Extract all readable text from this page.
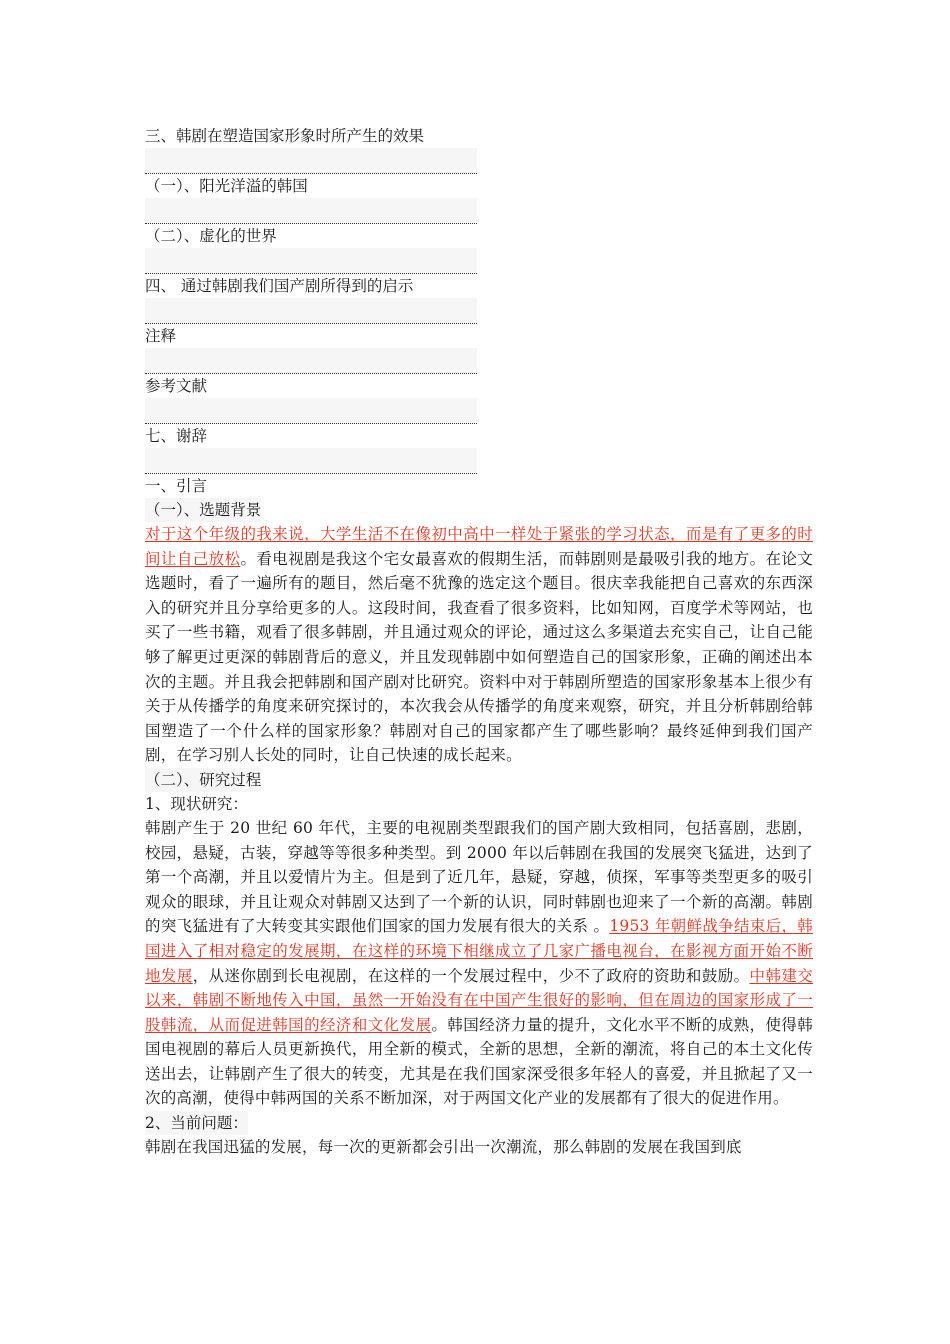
三、韩剧在塑造国家形象时所产生的效果
（一）、阳光洋溢的韩国
（二）、虚化的世界
四、 通过韩剧我们国产剧所得到的启示
注释
参考文献
七、谢辞
一、引言
（一）、选题背景

对于这个年级的我来说，大学生活不在像初中高中一样处于紧张的学习状态，而是有了更多的时间让自己放松。看电视剧是我这个宅女最喜欢的假期生活，而韩剧则是最吸引我的地方。在论文选题时，看了一遍所有的题目，然后毫不犹豫的选定这个题目。很庆幸我能把自己喜欢的东西深入的研究并且分享给更多的人。这段时间，我查看了很多资料，比如知网，百度学术等网站，也买了一些书籍，观看了很多韩剧，并且通过观众的评论，通过这么多渠道去充实自己，让自己能够了解更过更深的韩剧背后的意义，并且发现韩剧中如何塑造自己的国家形象，正确的阐述出本次的主题。并且我会把韩剧和国产剧对比研究。资料中对于韩剧所塑造的国家形象基本上很少有关于从传播学的角度来研究探讨的，本次我会从传播学的角度来观察，研究，并且分析韩剧给韩国塑造了一个什么样的国家形象？韩剧对自己的国家都产生了哪些影响？最终延伸到我们国产剧，在学习别人长处的同时，让自己快速的成长起来。

（二）、研究过程
1、现状研究：

韩剧产生于 20 世纪 60 年代，主要的电视剧类型跟我们的国产剧大致相同，包括喜剧，悲剧，校园，悬疑，古装，穿越等等很多种类型。到 2000 年以后韩剧在我国的发展突飞猛进，达到了第一个高潮，并且以爱情片为主。但是到了近几年，悬疑，穿越，侦探，军事等类型更多的吸引观众的眼球，并且让观众对韩剧又达到了一个新的认识，同时韩剧也迎来了一个新的高潮。韩剧的突飞猛进有了大转变其实跟他们国家的国力发展有很大的关系 。1953 年朝鲜战争结束后，韩国进入了相对稳定的发展期，在这样的环境下相继成立了几家广播电视台，在影视方面开始不断地发展，从迷你剧到长电视剧，在这样的一个发展过程中，少不了政府的资助和鼓励。中韩建交以来，韩剧不断地传入中国，虽然一开始没有在中国产生很好的影响，但在周边的国家形成了一股韩流，从而促进韩国的经济和文化发展。韩国经济力量的提升，文化水平不断的成熟，使得韩国电视剧的幕后人员更新换代，用全新的模式，全新的思想，全新的潮流，将自己的本土文化传送出去，让韩剧产生了很大的转变，尤其是在我们国家深受很多年轻人的喜爱，并且掀起了又一次的高潮，使得中韩两国的关系不断加深，对于两国文化产业的发展都有了很大的促进作用。

2、当前问题：

韩剧在我国迅猛的发展，每一次的更新都会引出一次潮流，那么韩剧的发展在我国到底
